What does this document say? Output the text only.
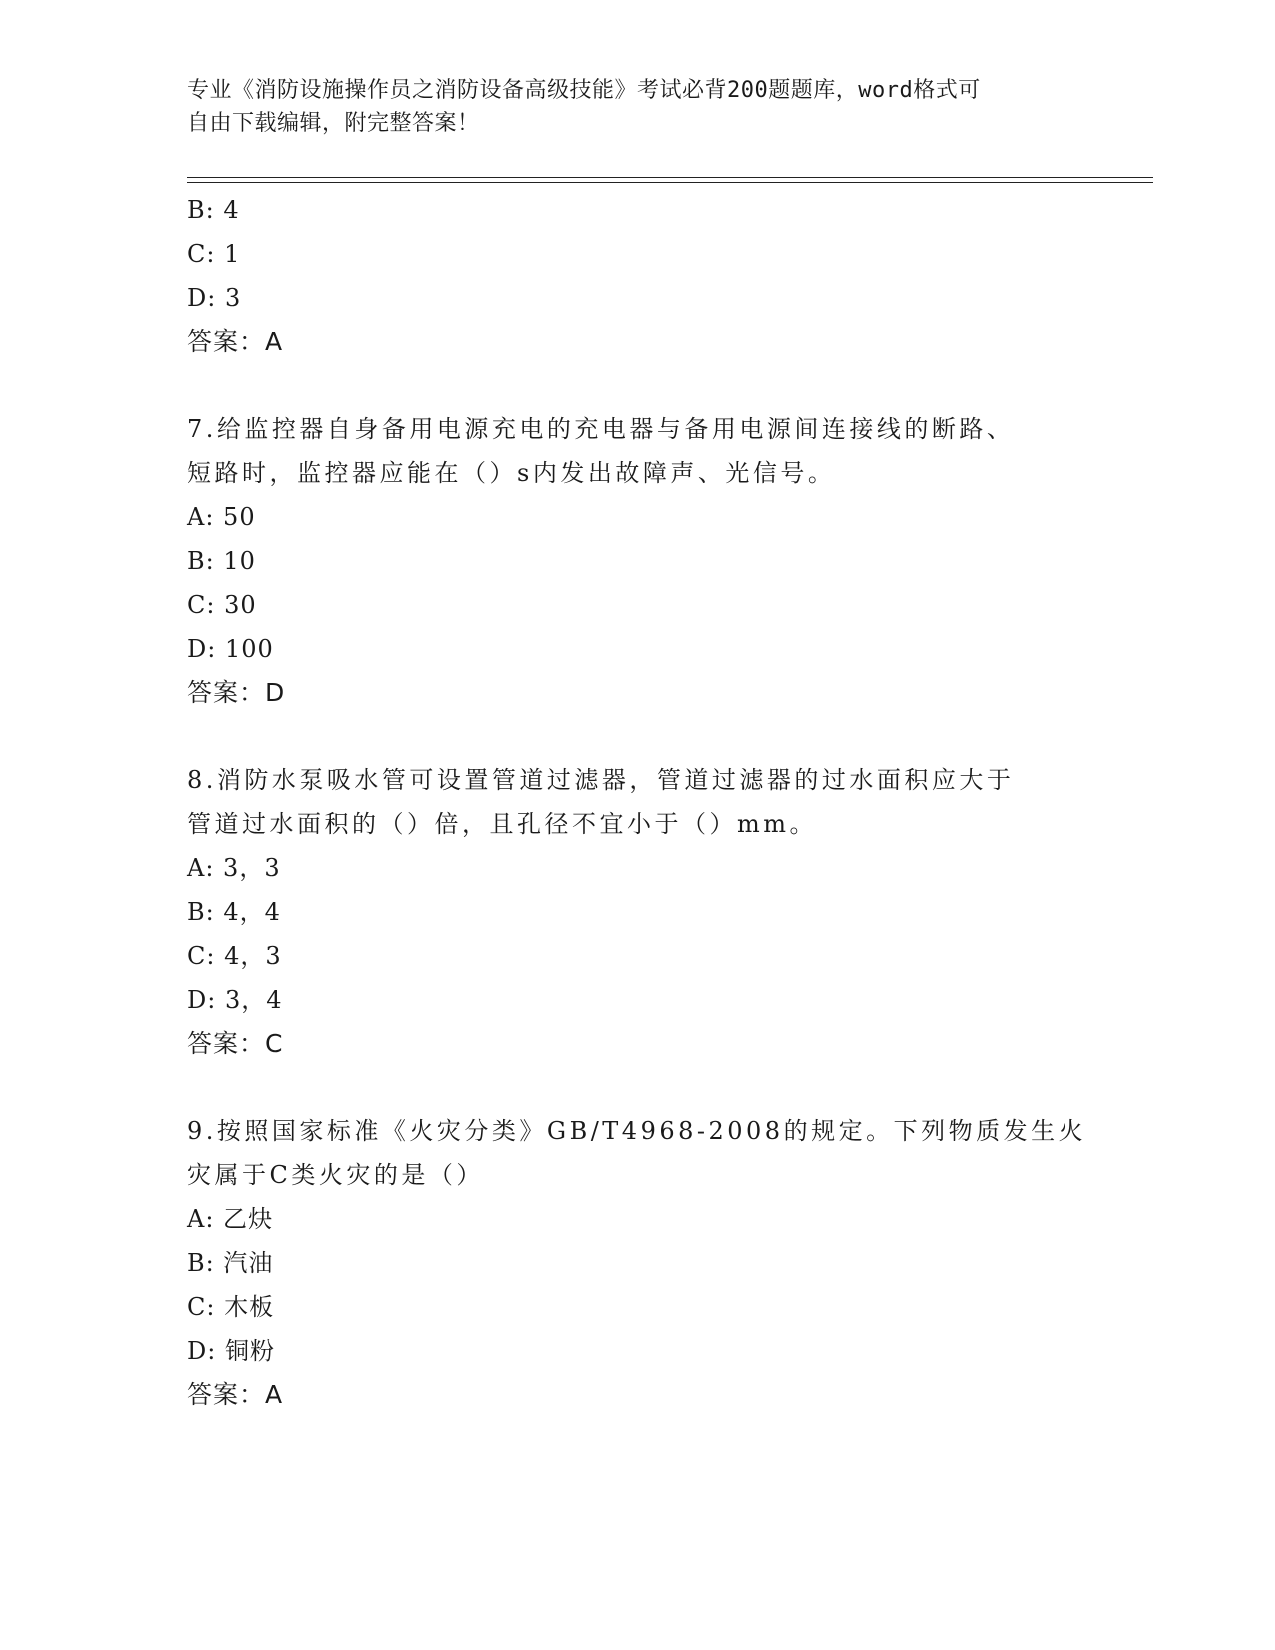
专业《消防设施操作员之消防设备高级技能》考试必背200题题库，word格式可
自由下载编辑，附完整答案！
B: 4
C: 1
D: 3
答案：A
7.给监控器自身备用电源充电的充电器与备用电源间连接线的断路、
短路时，监控器应能在（）s内发出故障声、光信号。
A: 50
B: 10
C: 30
D: 100
答案：D
8.消防水泵吸水管可设置管道过滤器，管道过滤器的过水面积应大于
管道过水面积的（）倍，且孔径不宜小于（）mm。
A: 3，3
B: 4，4
C: 4，3
D: 3，4
答案：C
9.按照国家标准《火灾分类》GB/T4968-2008的规定。下列物质发生火
灾属于C类火灾的是（）
A: 乙炔
B: 汽油
C: 木板
D: 铜粉
答案：A
